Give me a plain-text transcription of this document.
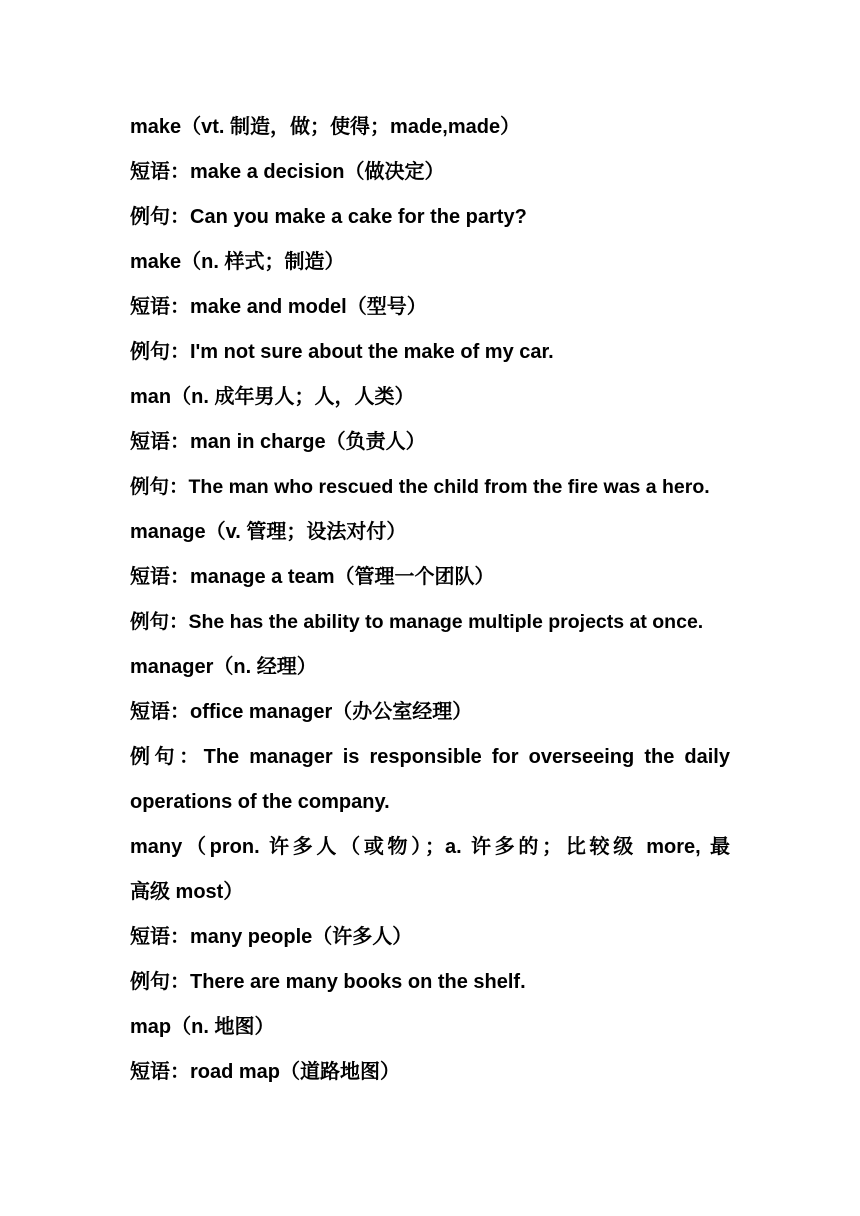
make（vt. 制造，做；使得；made,made）
短语：make a decision（做决定）
例句：Can you make a cake for the party?
make（n. 样式；制造）
短语：make and model（型号）
例句：I'm not sure about the make of my car.
man（n. 成年男人；人，人类）
短语：man in charge（负责人）
例句：The man who rescued the child from the fire was a hero.
manage（v. 管理；设法对付）
短语：manage a team（管理一个团队）
例句：She has the ability to manage multiple projects at once.
manager（n. 经理）
短语：office manager（办公室经理）
例句：The manager is responsible for overseeing the daily
operations of the company.
many（pron. 许多人（或物）；a. 许多的；比较级 more, 最
高级 most）
短语：many people（许多人）
例句：There are many books on the shelf.
map（n. 地图）
短语：road map（道路地图）
